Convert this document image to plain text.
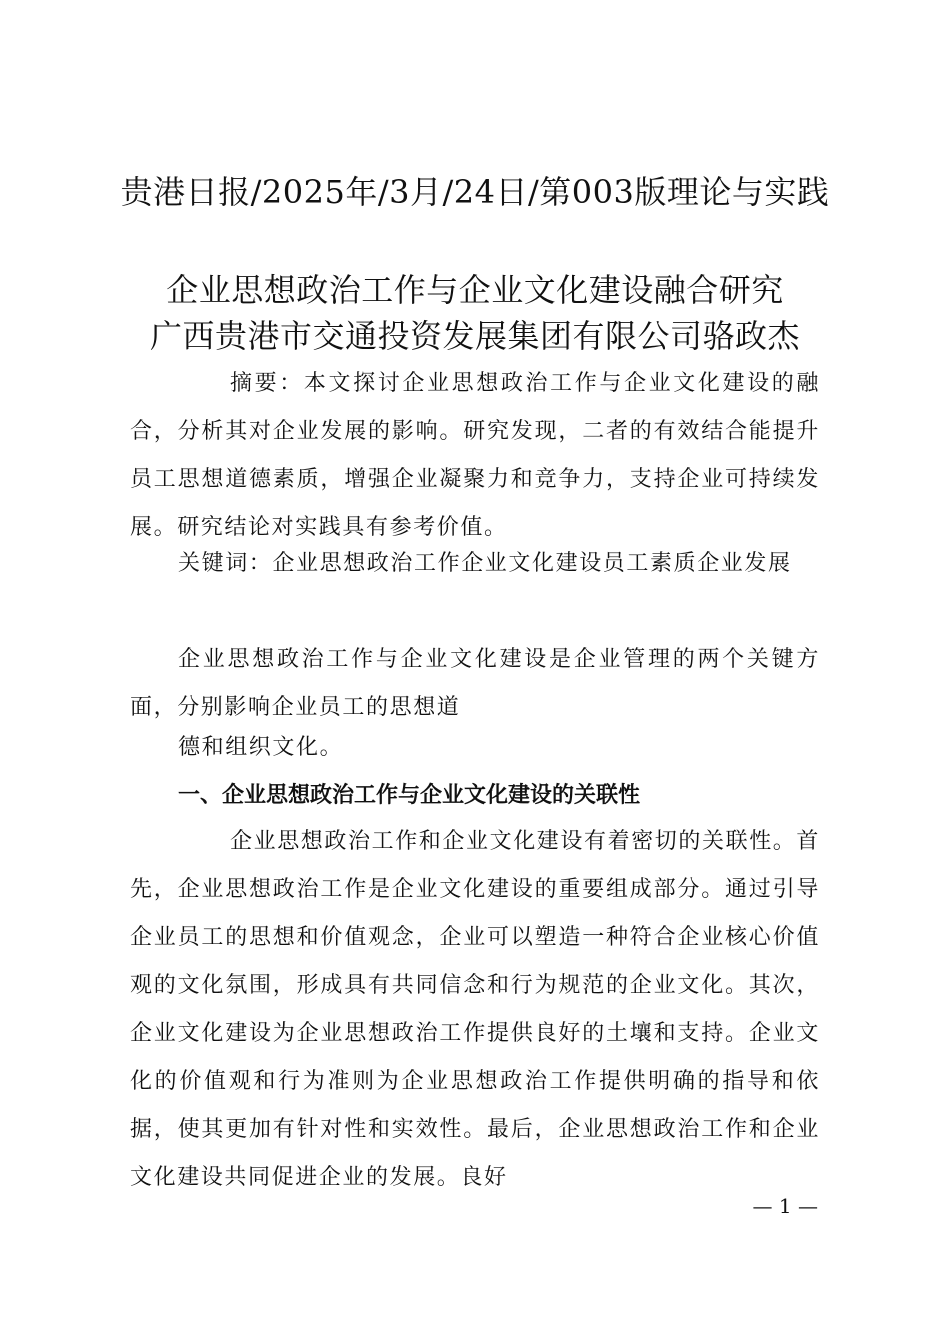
贵港日报/2025年/3月/24日/第003版理论与实践
企业思想政治工作与企业文化建设融合研究
广西贵港市交通投资发展集团有限公司骆政杰
摘要：本文探讨企业思想政治工作与企业文化建设的融合，分析其对企业发展的影响。研究发现，二者的有效结合能提升员工思想道德素质，增强企业凝聚力和竞争力，支持企业可持续发展。研究结论对实践具有参考价值。
关键词：企业思想政治工作企业文化建设员工素质企业发展
企业思想政治工作与企业文化建设是企业管理的两个关键方面，分别影响企业员工的思想道
德和组织文化。
一、企业思想政治工作与企业文化建设的关联性
企业思想政治工作和企业文化建设有着密切的关联性。首先，企业思想政治工作是企业文化建设的重要组成部分。通过引导企业员工的思想和价值观念，企业可以塑造一种符合企业核心价值观的文化氛围，形成具有共同信念和行为规范的企业文化。其次，企业文化建设为企业思想政治工作提供良好的土壤和支持。企业文化的价值观和行为准则为企业思想政治工作提供明确的指导和依据，使其更加有针对性和实效性。最后，企业思想政治工作和企业文化建设共同促进企业的发展。良好
— 1 —
